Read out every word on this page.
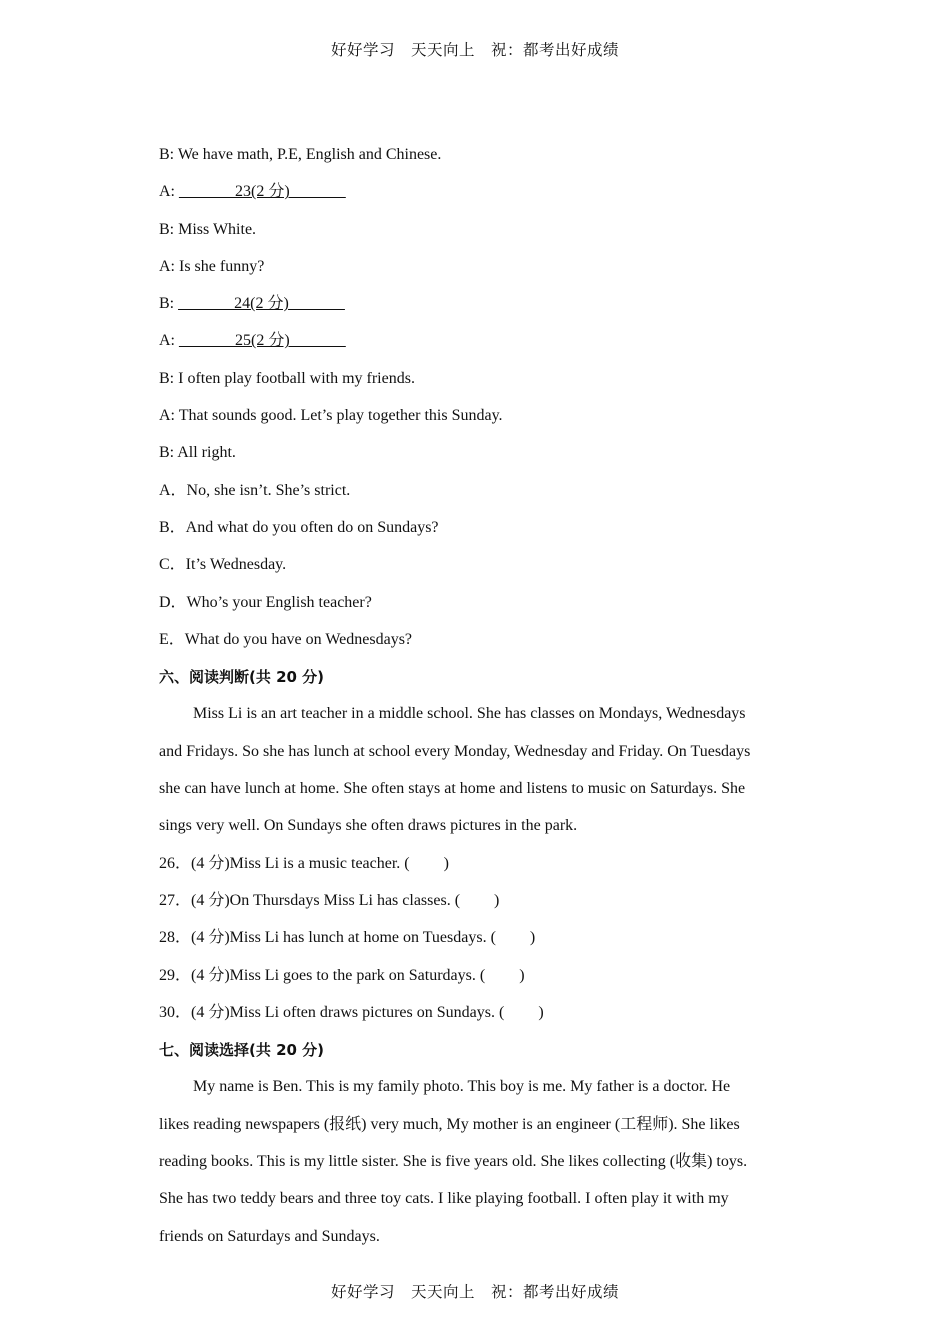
好好学习　天天向上　祝：都考出好成绩
B: We have math, P.E, English and Chinese.
A: _______23(2 分)_______
B: Miss White.
A: Is she funny?
B: _______24(2 分)_______
A: _______25(2 分)_______
B: I often play football with my friends.
A: That sounds good. Let’s play together this Sunday.
B: All right.
A．No, she isn’t. She’s strict.
B．And what do you often do on Sundays?
C．It’s Wednesday.
D．Who’s your English teacher?
E．What do you have on Wednesdays?
六、阅读判断(共 20 分)
Miss Li is an art teacher in a middle school. She has classes on Mondays, Wednesdays
and Fridays. So she has lunch at school every Monday, Wednesday and Friday. On Tuesdays
she can have lunch at home. She often stays at home and listens to music on Saturdays. She
sings very well. On Sundays she often draws pictures in the park.
26．(4 分)Miss Li is a music teacher. ( )
27．(4 分)On Thursdays Miss Li has classes. ( )
28．(4 分)Miss Li has lunch at home on Tuesdays. ( )
29．(4 分)Miss Li goes to the park on Saturdays. ( )
30．(4 分)Miss Li often draws pictures on Sundays. ( )
七、阅读选择(共 20 分)
My name is Ben. This is my family photo. This boy is me. My father is a doctor. He
likes reading newspapers (报纸) very much, My mother is an engineer (工程师). She likes
reading books. This is my little sister. She is five years old. She likes collecting (收集) toys.
She has two teddy bears and three toy cats. I like playing football. I often play it with my
friends on Saturdays and Sundays.
好好学习　天天向上　祝：都考出好成绩
